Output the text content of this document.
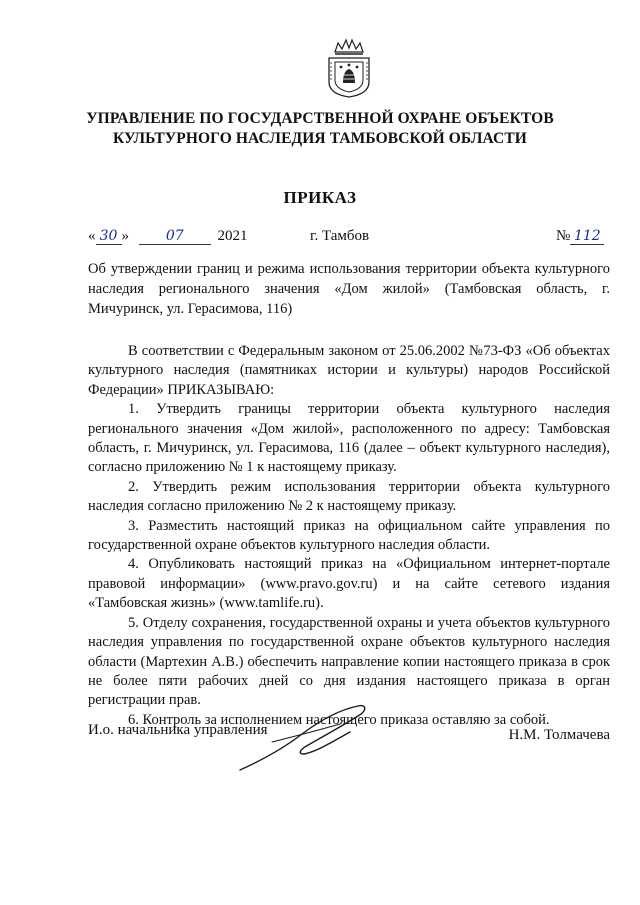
УПРАВЛЕНИЕ ПО ГОСУДАРСТВЕННОЙ ОХРАНЕ ОБЪЕКТОВ
КУЛЬТУРНОГО НАСЛЕДИЯ ТАМБОВСКОЙ ОБЛАСТИ
ПРИКАЗ
« 30 »	07 2021	г. Тамбов	№ 112
Об утверждении границ и режима использования территории объекта культурного наследия регионального значения «Дом жилой» (Тамбовская область, г. Мичуринск, ул. Герасимова, 116)

В соответствии с Федеральным законом от 25.06.2002 №73-ФЗ «Об объектах культурного наследия (памятниках истории и культуры) народов Российской Федерации» ПРИКАЗЫВАЮ:

1. Утвердить границы территории объекта культурного наследия регионального значения «Дом жилой», расположенного по адресу: Тамбовская область, г. Мичуринск, ул. Герасимова, 116 (далее – объект культурного наследия), согласно приложению № 1 к настоящему приказу.

2. Утвердить режим использования территории объекта культурного наследия согласно приложению № 2 к настоящему приказу.

3. Разместить настоящий приказ на официальном сайте управления по государственной охране объектов культурного наследия области.

4. Опубликовать настоящий приказ на «Официальном интернет-портале правовой информации» (www.pravo.gov.ru) и на сайте сетевого издания «Тамбовская жизнь» (www.tamlife.ru).

5. Отделу сохранения, государственной охраны и учета объектов культурного наследия управления по государственной охране объектов культурного наследия области (Мартехин А.В.) обеспечить направление копии настоящего приказа в срок не более пяти рабочих дней со дня издания настоящего приказа в орган регистрации прав.

6. Контроль за исполнением настоящего приказа оставляю за собой.

И.о. начальника управления	Н.М. Толмачева
